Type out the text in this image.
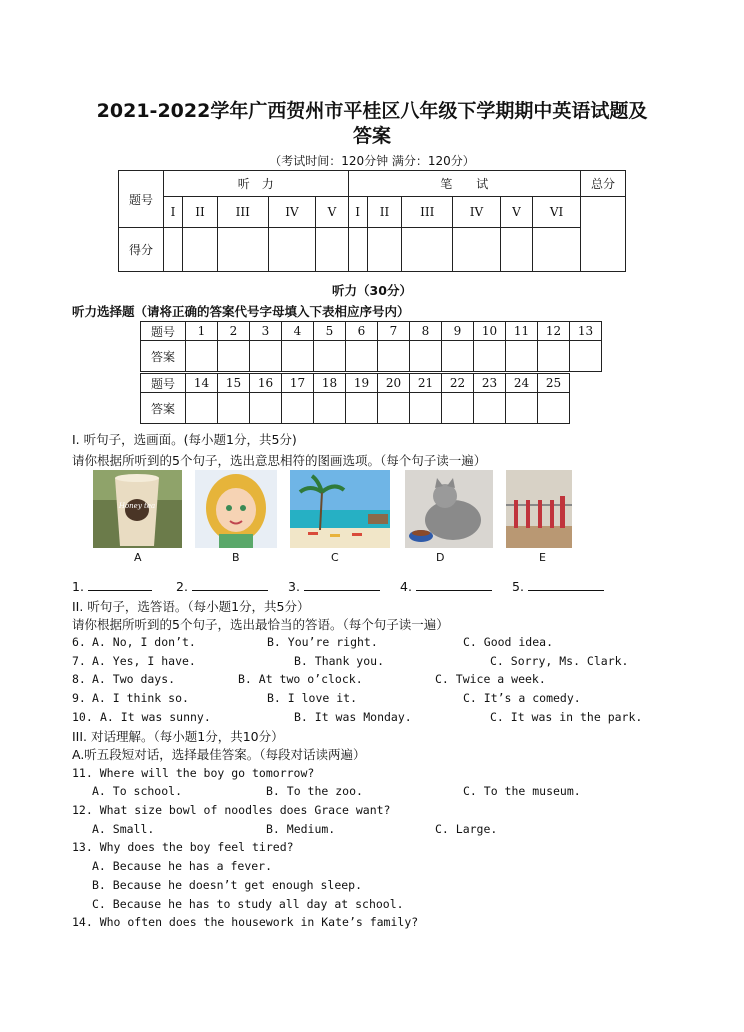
2021-2022学年广西贺州市平桂区八年级下学期期中英语试题及
答案
（考试时间：120分钟 满分：120分）
题号	听　力					笔　　试						总分
	I	II	III	IV	V	I	II	III	IV	V	VI	
得分												
听力（30分）
听力选择题（请将正确的答案代号字母填入下表相应序号内）
题号	1	2	3	4	5	6	7	8	9	10	11	12	13
答案													
题号	14	15	16	17	18	19	20	21	22	23	24	25
答案												
I. 听句子，选画面。(每小题1分，共5分)
请你根据所听到的5个句子，选出意思相符的图画选项。（每个句子读一遍）
Honey tea
A	B	C	D	E
1.	2.	3.	4.	5.
II. 听句子，选答语。（每小题1分，共5分）
请你根据所听到的5个句子，选出最恰当的答语。（每个句子读一遍）
6. A. No, I don’t.	B. You’re right.	C. Good idea.
7. A. Yes, I have.	B. Thank you.	C. Sorry, Ms. Clark.
8. A. Two days.	B. At two o’clock.	C. Twice a week.
9. A. I think so.	B. I love it.	C. It’s a comedy.
10. A. It was sunny.	B. It was Monday.	C. It was in the park.
III. 对话理解。（每小题1分，共10分）
A.听五段短对话，选择最佳答案。（每段对话读两遍）
11. Where will the boy go tomorrow?
A. To school.	B. To the zoo.	C. To the museum.
12. What size bowl of noodles does Grace want?
A. Small.	B. Medium.	C. Large.
13. Why does the boy feel tired?
A. Because he has a fever.
B. Because he doesn’t get enough sleep.
C. Because he has to study all day at school.
14. Who often does the housework in Kate’s family?
